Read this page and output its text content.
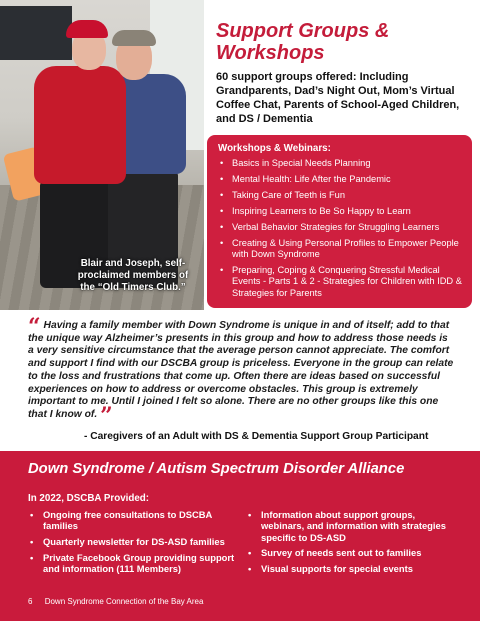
Blair and Joseph, self-proclaimed members of the “Old Timers Club.”
Support Groups & Workshops

60 support groups offered: Including Grandparents, Dad’s Night Out, Mom’s Virtual Coffee Chat, Parents of School-Aged Children, and DS / Dementia

Workshops & Webinars:
• Basics in Special Needs Planning
• Mental Health: Life After the Pandemic
• Taking Care of Teeth is Fun
• Inspiring Learners to Be So Happy to Learn
• Verbal Behavior Strategies for Struggling Learners
• Creating & Using Personal Profiles to Empower People with Down Syndrome
• Preparing, Coping & Conquering Stressful Medical Events - Parts 1 & 2 - Strategies for Children with IDD & Strategies for Parents
“ Having a family member with Down Syndrome is unique in and of itself; add to that the unique way Alzheimer’s presents in this group and how to address those needs is a very sensitive circumstance that the average person cannot appreciate. The comfort and support I find with our DSCBA group is priceless. Everyone in the group can relate to the loss and frustrations that come up. Often there are ideas based on successful experiences on how to address or overcome obstacles. This group is extremely important to me. Until I joined I felt so alone. There are no other groups like this one that I know of. ”

- Caregivers of an Adult with DS & Dementia Support Group Participant

Down Syndrome / Autism Spectrum Disorder Alliance

In 2022, DSCBA Provided:

• Ongoing free consultations to DSCBA families
• Quarterly newsletter for DS-ASD families
• Private Facebook Group providing support and information (111 Members)
• Information about support groups, webinars, and information with strategies specific to DS-ASD
• Survey of needs sent out to families
• Visual supports for special events
6 Down Syndrome Connection of the Bay Area
